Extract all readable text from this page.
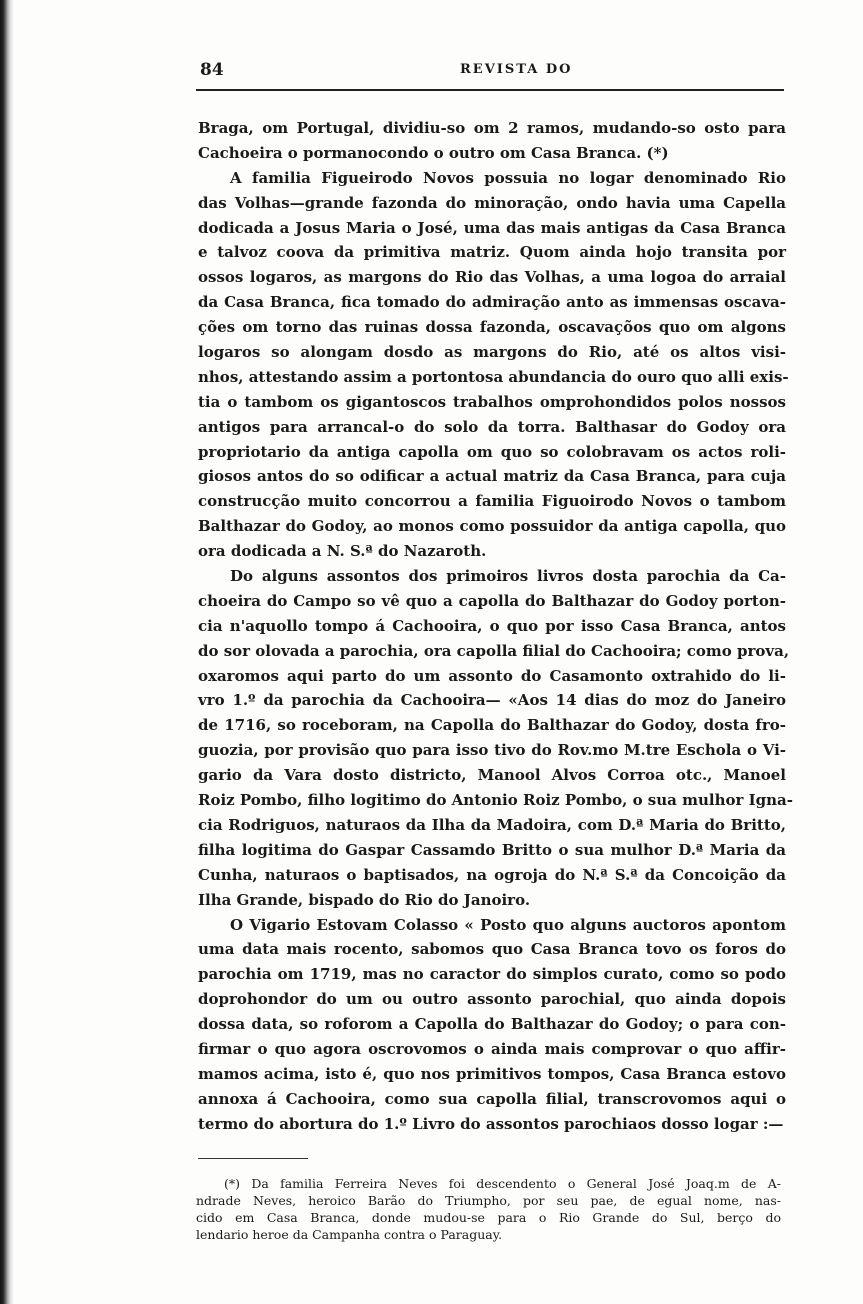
84	REVISTA DO
Braga, om Portugal, dividiu-so om 2 ramos, mudando-so osto para
Cachoeira o pormanocondo o outro om Casa Branca. (*)
A familia Figueirodo Novos possuia no logar denominado Rio
das Volhas—grande fazonda do minoração, ondo havia uma Capella
dodicada a Josus Maria o José, uma das mais antigas da Casa Branca
e talvoz coova da primitiva matriz. Quom ainda hojo transita por
ossos logaros, as margons do Rio das Volhas, a uma logoa do arraial
da Casa Branca, fica tomado do admiração anto as immensas oscava-
ções om torno das ruinas dossa fazonda, oscavaçõos quo om algons
logaros so alongam dosdo as margons do Rio, até os altos visi-
nhos, attestando assim a portontosa abundancia do ouro quo alli exis-
tia o tambom os gigantoscos trabalhos omprohondidos polos nossos
antigos para arrancal-o do solo da torra. Balthasar do Godoy ora
propriotario da antiga capolla om quo so colobravam os actos roli-
giosos antos do so odificar a actual matriz da Casa Branca, para cuja
construcção muito concorrou a familia Figuoirodo Novos o tambom
Balthazar do Godoy, ao monos como possuidor da antiga capolla, quo
ora dodicada a N. S.ª do Nazaroth.
Do alguns assontos dos primoiros livros dosta parochia da Ca-
choeira do Campo so vê quo a capolla do Balthazar do Godoy porton-
cia n'aquollo tompo á Cachooira, o quo por isso Casa Branca, antos
do sor olovada a parochia, ora capolla filial do Cachooira; como prova,
oxaromos aqui parto do um assonto do Casamonto oxtrahido do li-
vro 1.º da parochia da Cachooira— «Aos 14 dias do moz do Janeiro
de 1716, so roceboram, na Capolla do Balthazar do Godoy, dosta fro-
guozia, por provisão quo para isso tivo do Rov.mo M.tre Eschola o Vi-
gario da Vara dosto districto, Manool Alvos Corroa otc., Manoel
Roiz Pombo, filho logitimo do Antonio Roiz Pombo, o sua mulhor Igna-
cia Rodriguos, naturaos da Ilha da Madoira, com D.ª Maria do Britto,
filha logitima do Gaspar Cassamdo Britto o sua mulhor D.ª Maria da
Cunha, naturaos o baptisados, na ogroja do N.ª S.ª da Concoição da
Ilha Grande, bispado do Rio do Janoiro.
O Vigario Estovam Colasso « Posto quo alguns auctoros apontom
uma data mais rocento, sabomos quo Casa Branca tovo os foros do
parochia om 1719, mas no caractor do simplos curato, como so podo
doprohondor do um ou outro assonto parochial, quo ainda dopois
dossa data, so roforom a Capolla do Balthazar do Godoy; o para con-
firmar o quo agora oscrovomos o ainda mais comprovar o quo affir-
mamos acima, isto é, quo nos primitivos tompos, Casa Branca estovo
annoxa á Cachooira, como sua capolla filial, transcrovomos aqui o
termo do abortura do 1.º Livro do assontos parochiaos dosso logar :—
(*) Da familia Ferreira Neves foi descendento o General José Joaq.m de A-
ndrade Neves, heroico Barão do Triumpho, por seu pae, de egual nome, nas-
cido em Casa Branca, donde mudou-se para o Rio Grande do Sul, berço do
lendario heroe da Campanha contra o Paraguay.
